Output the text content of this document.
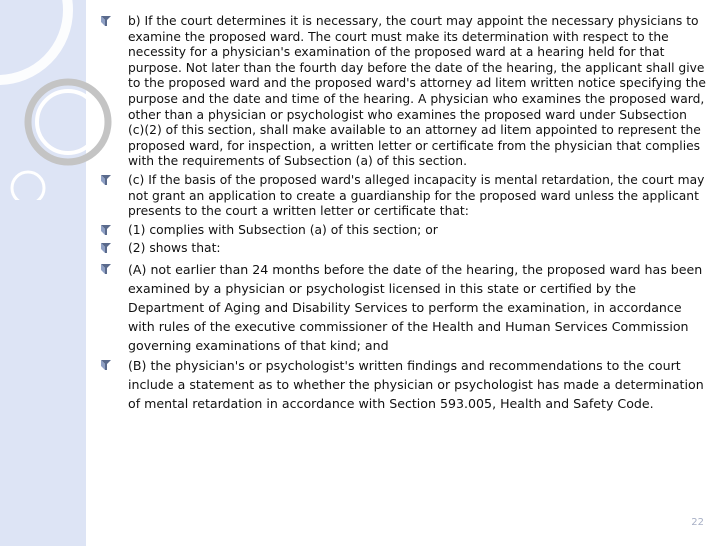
b) If the court determines it is necessary, the court may appoint the necessary physicians to examine the proposed ward. The court must make its determination with respect to the necessity for a physician's examination of the proposed ward at a hearing held for that purpose. Not later than the fourth day before the date of the hearing, the applicant shall give to the proposed ward and the proposed ward's attorney ad litem written notice specifying the purpose and the date and time of the hearing. A physician who examines the proposed ward, other than a physician or psychologist who examines the proposed ward under Subsection (c)(2) of this section, shall make available to an attorney ad litem appointed to represent the proposed ward, for inspection, a written letter or certificate from the physician that complies with the requirements of Subsection (a) of this section.
(c) If the basis of the proposed ward's alleged incapacity is mental retardation, the court may not grant an application to create a guardianship for the proposed ward unless the applicant presents to the court a written letter or certificate that:
(1) complies with Subsection (a) of this section; or
(2) shows that:
(A) not earlier than 24 months before the date of the hearing, the proposed ward has been examined by a physician or psychologist licensed in this state or certified by the Department of Aging and Disability Services to perform the examination, in accordance with rules of the executive commissioner of the Health and Human Services Commission governing examinations of that kind; and
(B) the physician's or psychologist's written findings and recommendations to the court include a statement as to whether the physician or psychologist has made a determination of mental retardation in accordance with Section 593.005, Health and Safety Code.
22
